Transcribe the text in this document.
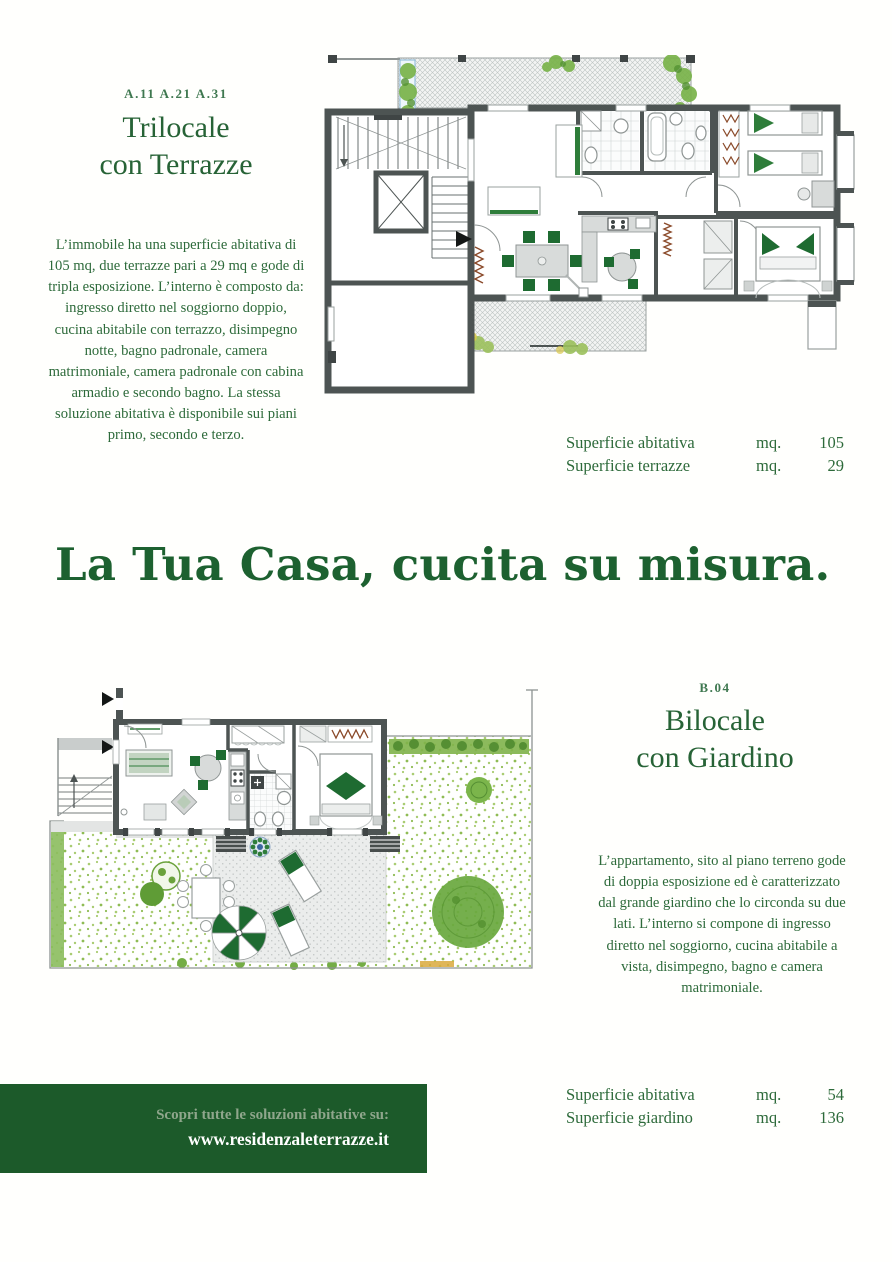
A.11 A.21 A.31
Trilocale
con Terrazze
L’immobile ha una superficie abitativa di 105 mq, due terrazze pari a 29 mq e gode di tripla esposizione. L’interno è composto da: ingresso diretto nel soggiorno doppio, cucina abitabile con terrazzo, disimpegno notte, bagno padronale, camera matrimoniale, camera padronale con cabina armadio e secondo bagno. La stessa soluzione abitativa è disponibile sui piani primo, secondo e terzo.	Superficie abitativa	mq.	105
Superficie terrazze	mq.	29
La Tua Casa, cucita su misura.
B.04
Bilocale
con Giardino
L’appartamento, sito al piano terreno gode di doppia esposizione ed è caratterizzato dal grande giardino che lo circonda su due lati. L’interno si compone di ingresso diretto nel soggiorno, cucina abitabile a vista, disimpegno, bagno e camera matrimoniale.
Superficie abitativa	mq.	54
Superficie giardino	mq.	136
Scopri tutte le soluzioni abitative su:
www.residenzaleterrazze.it
